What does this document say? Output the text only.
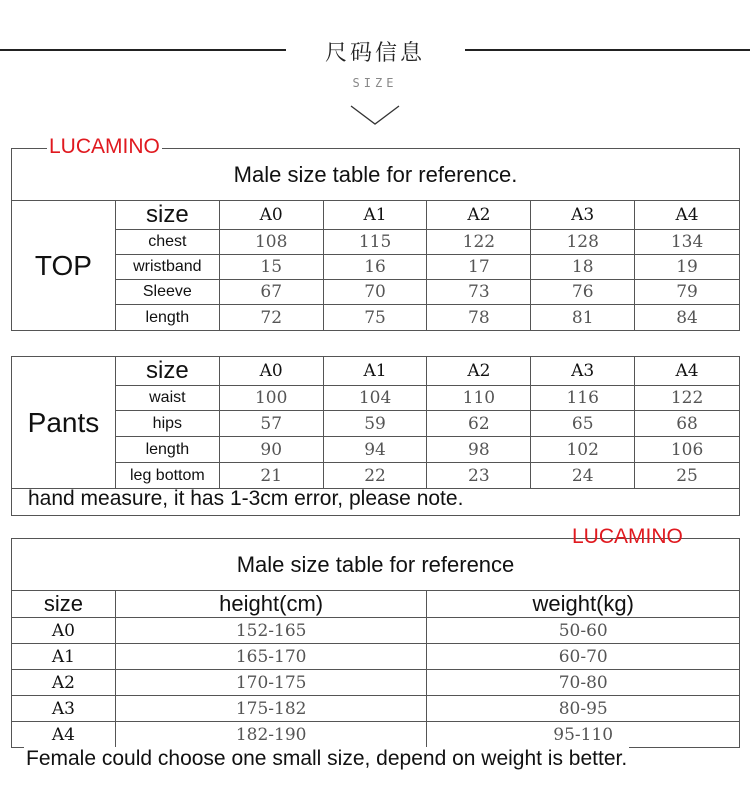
尺码信息
SIZE
Male size table for reference.						
TOP	size	A0	A1	A2	A3	A4
	chest	108	115	122	128	134
	wristband	15	16	17	18	19
	Sleeve	67	70	73	76	79
	length	72	75	78	81	84
LUCAMINO
Pants	size	A0	A1	A2	A3	A4
	waist	100	104	110	116	122
	hips	57	59	62	65	68
	length	90	94	98	102	106
	leg bottom	21	22	23	24	25

hand measure, it has 1-3cm error, please note.
Male size table for reference		
size	height(cm)	weight(kg)
A0	152-165	50-60
A1	165-170	60-70
A2	170-175	70-80
A3	175-182	80-95
A4	182-190	95-110
LUCAMINO
Female could choose one small size, depend on weight is better.
